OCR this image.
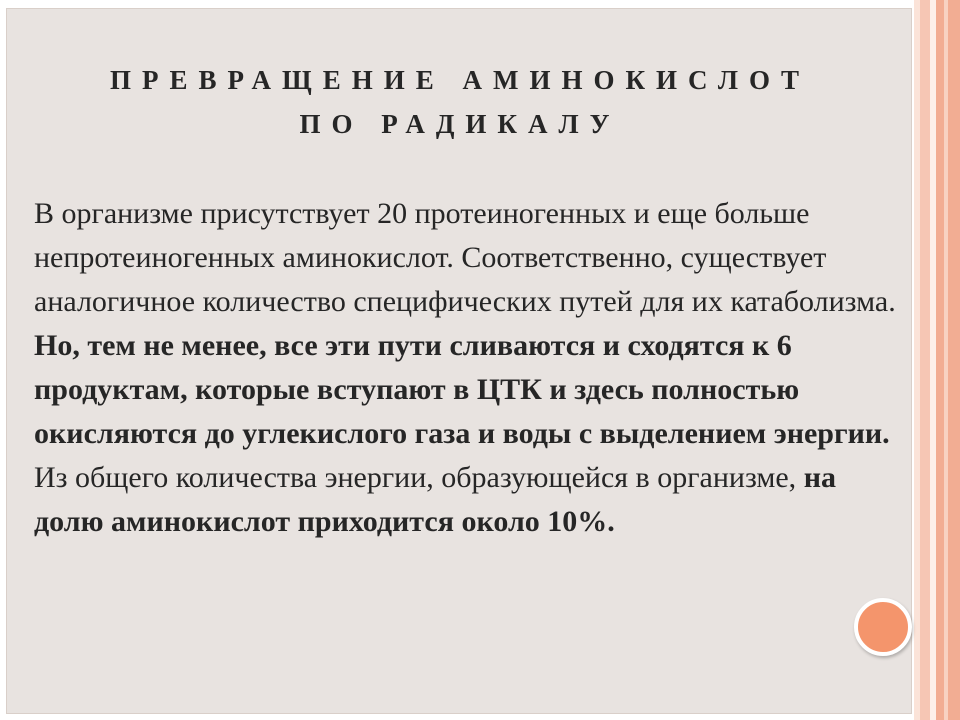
ПРЕВРАЩЕНИЕ АМИНОКИСЛОТ
ПО РАДИКАЛУ
В организме присутствует 20 протеиногенных и еще больше непротеиногенных аминокислот. Соответственно, существует аналогичное количество специфических путей для их катаболизма. Но, тем не менее, все эти пути сливаются и сходятся к 6 продуктам, которые вступают в ЦТК и здесь полностью окисляются до углекислого газа и воды с выделением энергии. Из общего количества энергии, образующейся в организме, на долю аминокислот приходится около 10%.
